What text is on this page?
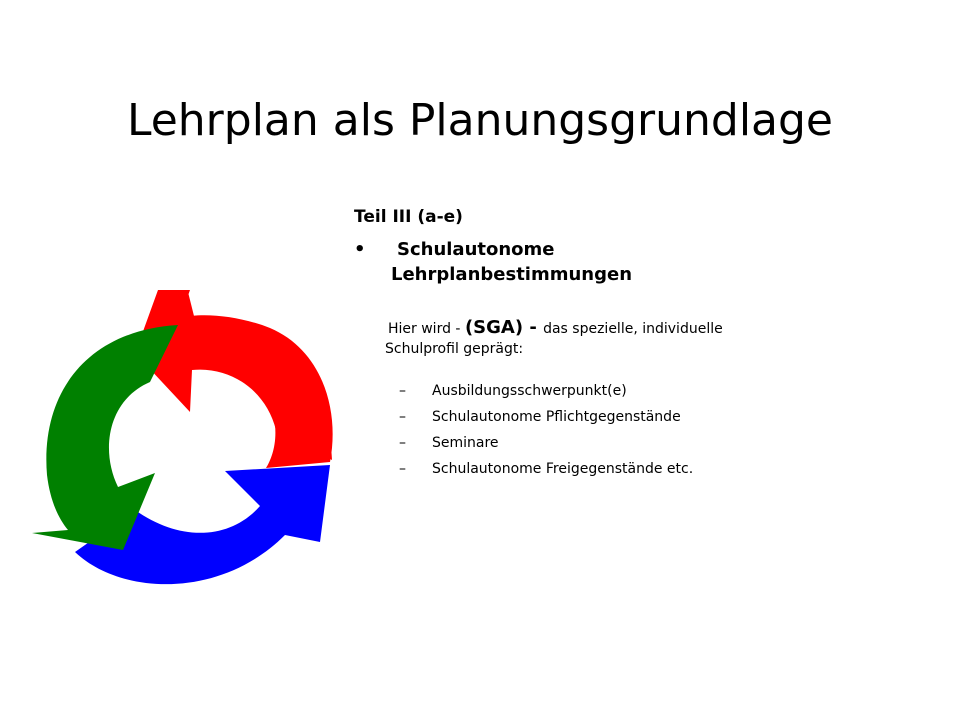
Lehrplan als Planungsgrundlage
Teil III (a-e)
• Schulautonome Lehrplanbestimmungen
Hier wird - (SGA) - das spezielle, individuelle Schulprofil geprägt:
– Ausbildungsschwerpunkt(e)
– Schulautonome Pflichtgegenstände
– Seminare
– Schulautonome Freigegenstände etc.
